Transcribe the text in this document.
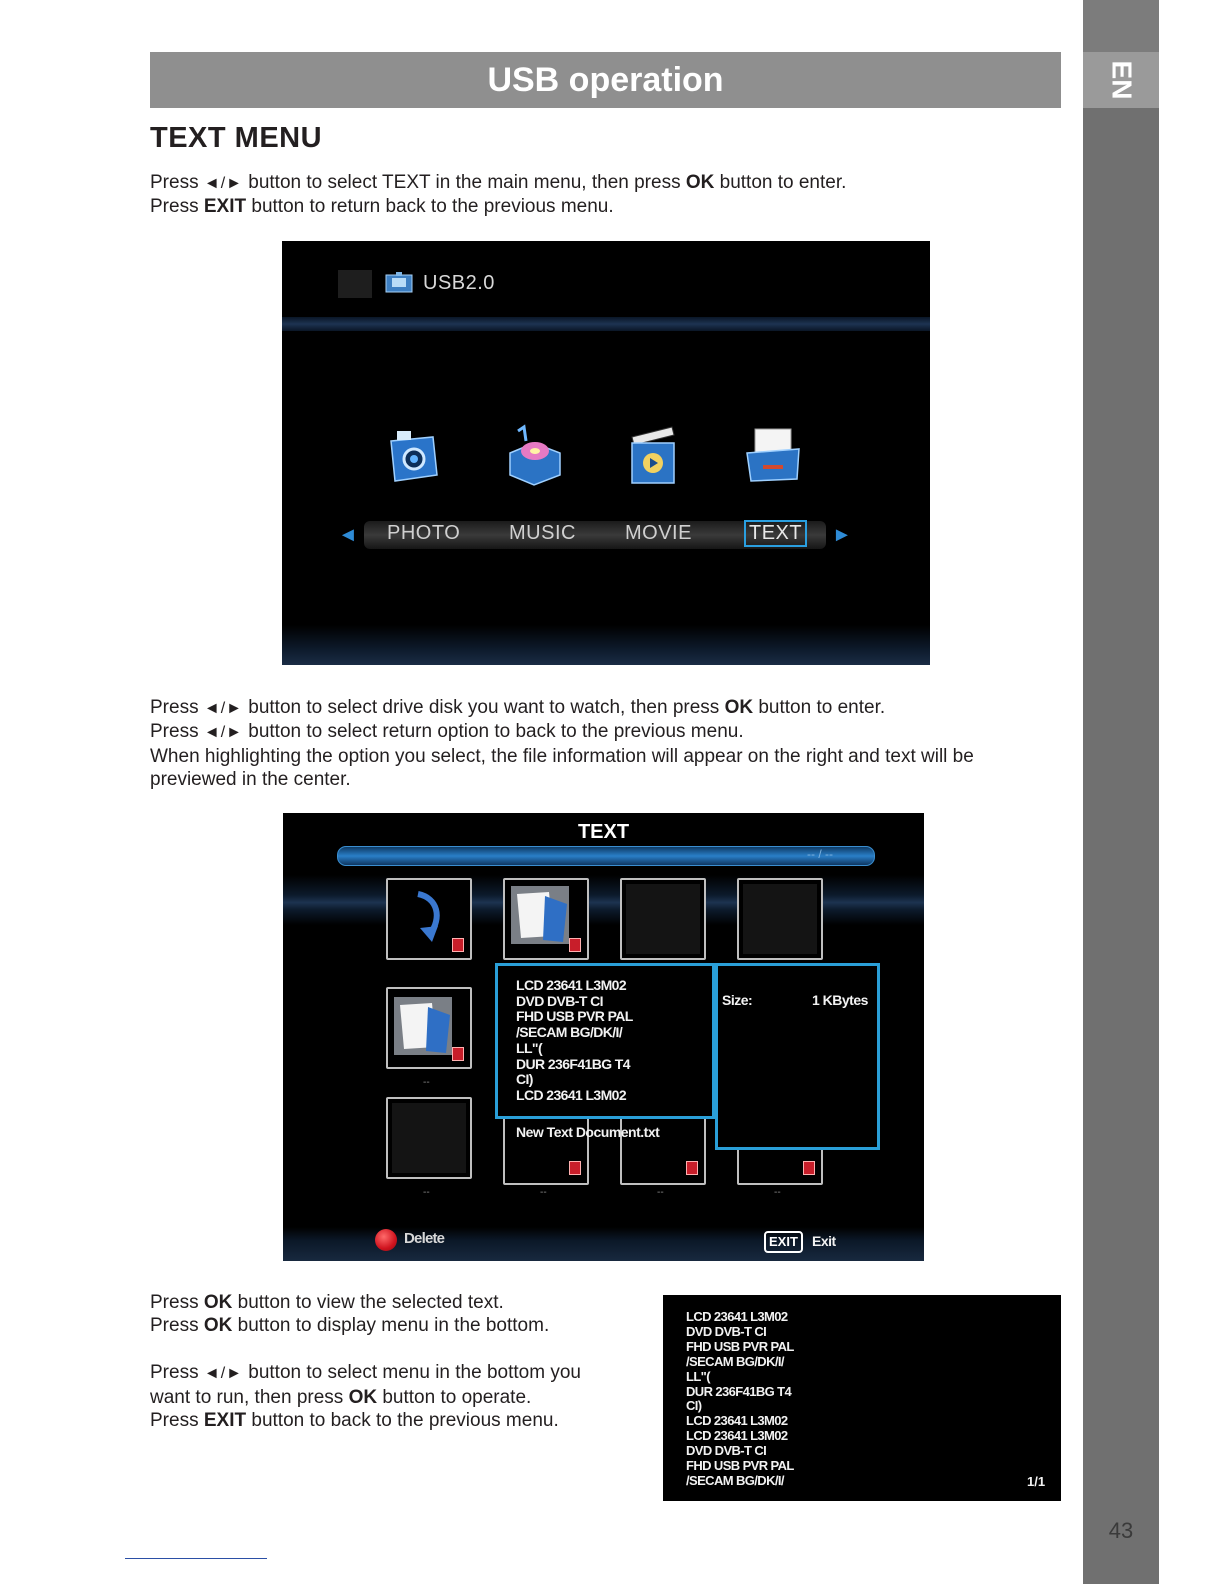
EN
43
USB operation
TEXT MENU

Press ◄/► button to select TEXT in the main menu, then press OK button to enter.

Press EXIT button to return back to the previous menu.

USB2.0
◄	►
PHOTO MUSIC MOVIE	TEXT

Press ◄/► button to select drive disk you want to watch, then press OK button to enter.

Press ◄/► button to select return option to back to the previous menu.

When highlighting the option you select, the file information will appear on the right and text will be

previewed in the center.

TEXT
-- / --
--
--	--	--	--
LCD 23641 L3M02
DVD DVB-T CI
FHD USB PVR PAL
/SECAM BG/DK/I/
LL"(
DUR 236F41BG T4
CI)
LCD 23641 L3M02
New Text Document.txt
Size:	1 KBytes
Delete	EXIT	Exit

Press OK button to view the selected text.

Press OK button to display menu in the bottom.

Press ◄/► button to select menu in the bottom you

want to run, then press OK button to operate.

Press EXIT button to back to the previous menu.

LCD 23641 L3M02
DVD DVB-T CI
FHD USB PVR PAL
/SECAM BG/DK/I/
LL"(
DUR 236F41BG T4
CI)
LCD 23641 L3M02
LCD 23641 L3M02
DVD DVB-T CI
FHD USB PVR PAL
/SECAM BG/DK/I/	1/1
